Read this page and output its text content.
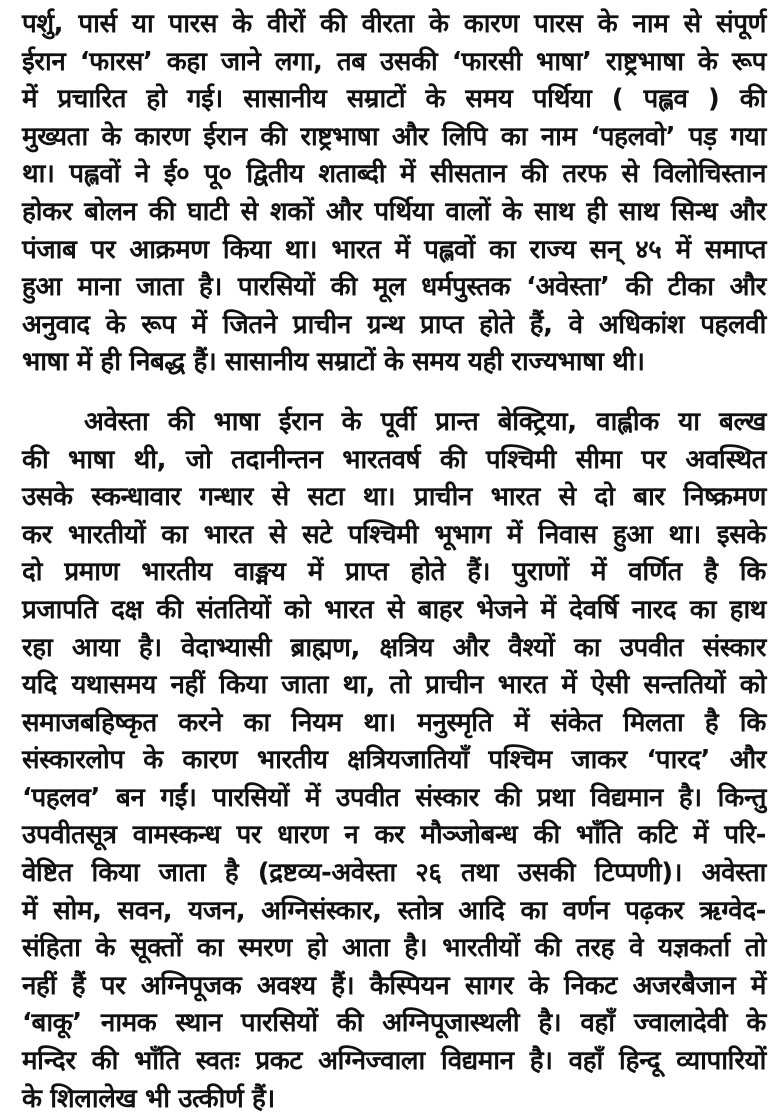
पर्शु, पार्स या पारस के वीरों की वीरता के कारण पारस के नाम से संपूर्ण
ईरान ‘फारस’ कहा जाने लगा, तब उसकी ‘फारसी भाषा’ राष्ट्रभाषा के रूप
में प्रचारित हो गई। सासानीय सम्राटों के समय पर्थिया ( पह्लव ) की
मुख्यता के कारण ईरान की राष्ट्रभाषा और लिपि का नाम ‘पहलवो’ पड़ गया
था। पह्लवों ने ई० पू० द्वितीय शताब्दी में सीसतान की तरफ से विलोचिस्तान
होकर बोलन की घाटी से शकों और पर्थिया वालों के साथ ही साथ सिन्ध और
पंजाब पर आक्रमण किया था। भारत में पह्लवों का राज्य सन् ४५ में समाप्त
हुआ माना जाता है। पारसियों की मूल धर्मपुस्तक ‘अवेस्ता’ की टीका और
अनुवाद के रूप में जितने प्राचीन ग्रन्थ प्राप्त होते हैं, वे अधिकांश पहलवी
भाषा में ही निबद्ध हैं। सासानीय सम्राटों के समय यही राज्यभाषा थी।
अवेस्ता की भाषा ईरान के पूर्वी प्रान्त बेक्ट्रिया, वाह्लीक या बल्ख
की भाषा थी, जो तदानीन्तन भारतवर्ष की पश्चिमी सीमा पर अवस्थित
उसके स्कन्धावार गन्धार से सटा था। प्राचीन भारत से दो बार निष्क्रमण
कर भारतीयों का भारत से सटे पश्चिमी भूभाग में निवास हुआ था। इसके
दो प्रमाण भारतीय वाङ्मय में प्राप्त होते हैं। पुराणों में वर्णित है कि
प्रजापति दक्ष की संततियों को भारत से बाहर भेजने में देवर्षि नारद का हाथ
रहा आया है। वेदाभ्यासी ब्राह्मण, क्षत्रिय और वैश्यों का उपवीत संस्कार
यदि यथासमय नहीं किया जाता था, तो प्राचीन भारत में ऐसी सन्ततियों को
समाजबहिष्कृत करने का नियम था। मनुस्मृति में संकेत मिलता है कि
संस्कारलोप के कारण भारतीय क्षत्रियजातियाँ पश्चिम जाकर ‘पारद’ और
‘पहलव’ बन गईं। पारसियों में उपवीत संस्कार की प्रथा विद्यमान है। किन्तु
उपवीतसूत्र वामस्कन्ध पर धारण न कर मौञ्जोबन्ध की भाँति कटि में परि-
वेष्टित किया जाता है (द्रष्टव्य-अवेस्ता २६ तथा उसकी टिप्पणी)। अवेस्ता
में सोम, सवन, यजन, अग्निसंस्कार, स्तोत्र आदि का वर्णन पढ़कर ऋग्वेद-
संहिता के सूक्तों का स्मरण हो आता है। भारतीयों की तरह वे यज्ञकर्ता तो
नहीं हैं पर अग्निपूजक अवश्य हैं। कैस्पियन सागर के निकट अजरबैजान में
‘बाकू’ नामक स्थान पारसियों की अग्निपूजास्थली है। वहाँ ज्वालादेवी के
मन्दिर की भाँति स्वतः प्रकट अग्निज्वाला विद्यमान है। वहाँ हिन्दू व्यापारियों
के शिलालेख भी उत्कीर्ण हैं।
